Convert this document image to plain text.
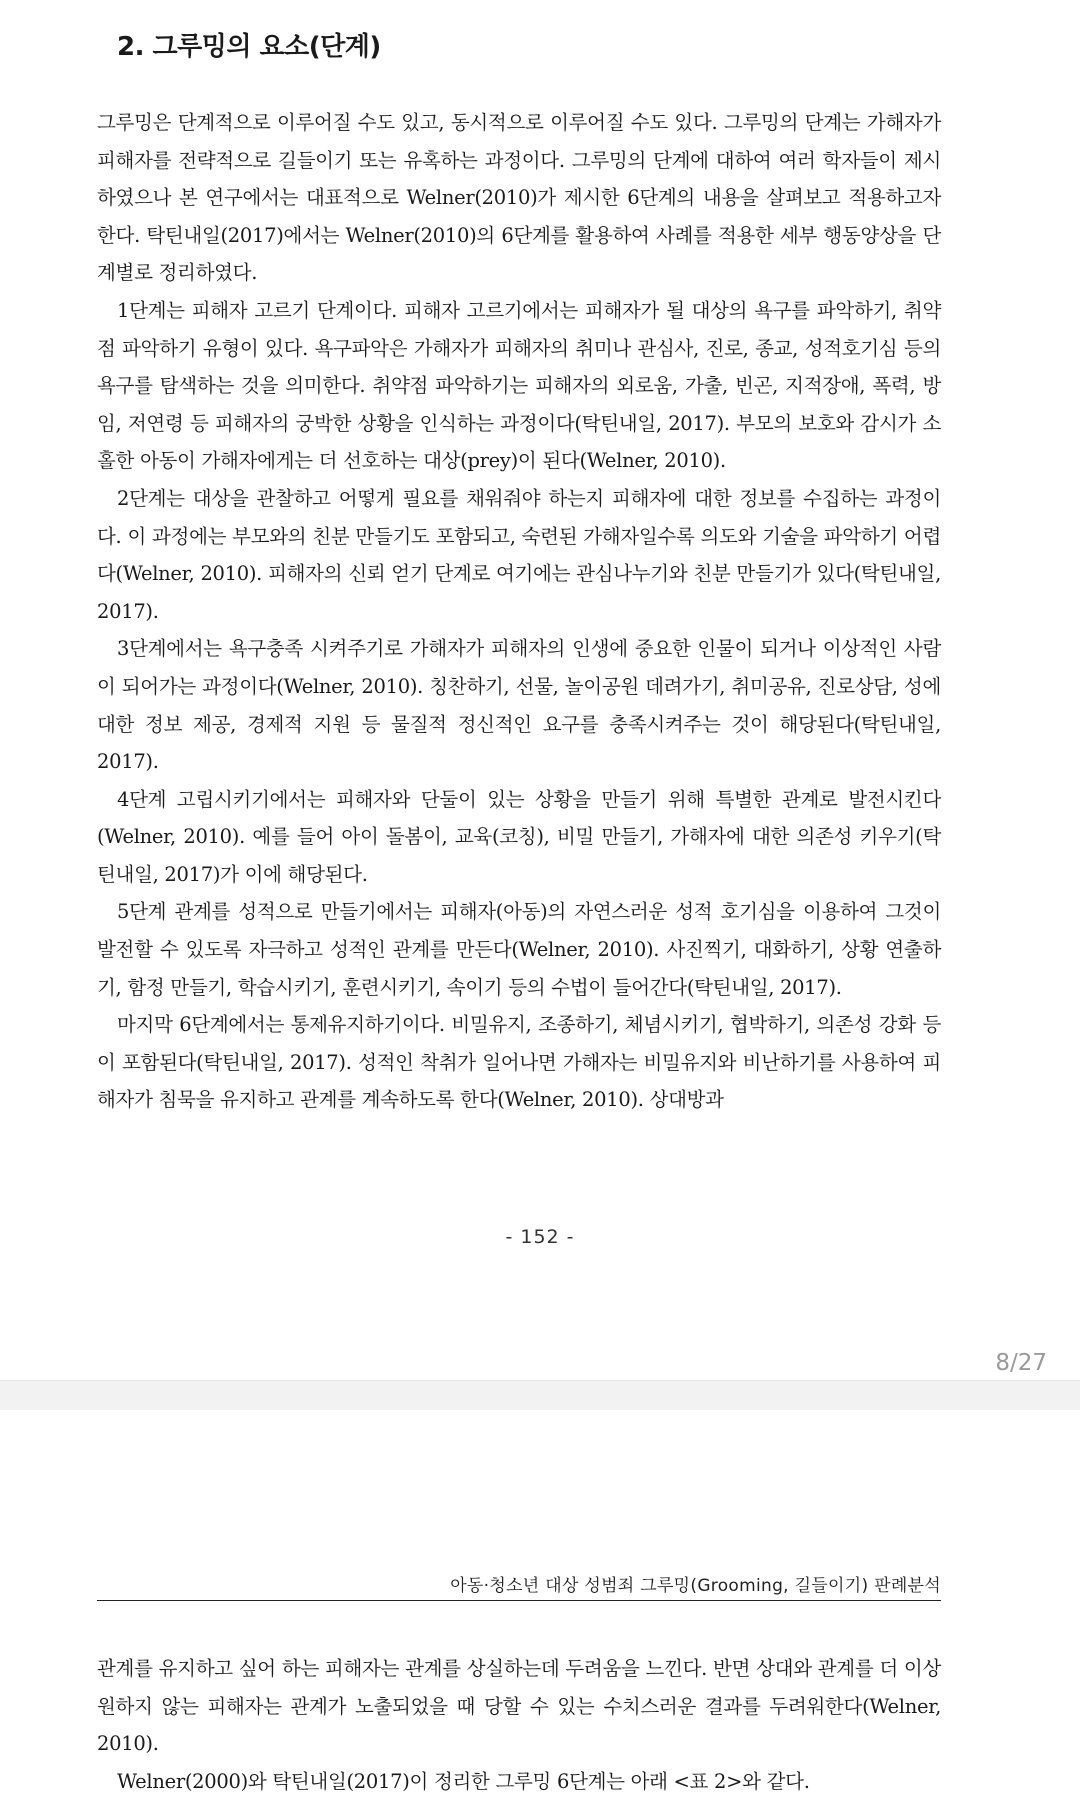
2. 그루밍의 요소(단계)

그루밍은 단계적으로 이루어질 수도 있고, 동시적으로 이루어질 수도 있다. 그루밍의 단계는 가해자가 피해자를 전략적으로 길들이기 또는 유혹하는 과정이다. 그루밍의 단계에 대하여 여러 학자들이 제시하였으나 본 연구에서는 대표적으로 Welner(2010)가 제시한 6단계의 내용을 살펴보고 적용하고자 한다. 탁틴내일(2017)에서는 Welner(2010)의 6단계를 활용하여 사례를 적용한 세부 행동양상을 단계별로 정리하였다.

1단계는 피해자 고르기 단계이다. 피해자 고르기에서는 피해자가 될 대상의 욕구를 파악하기, 취약점 파악하기 유형이 있다. 욕구파악은 가해자가 피해자의 취미나 관심사, 진로, 종교, 성적호기심 등의 욕구를 탐색하는 것을 의미한다. 취약점 파악하기는 피해자의 외로움, 가출, 빈곤, 지적장애, 폭력, 방임, 저연령 등 피해자의 궁박한 상황을 인식하는 과정이다(탁틴내일, 2017). 부모의 보호와 감시가 소홀한 아동이 가해자에게는 더 선호하는 대상(prey)이 된다(Welner, 2010).

2단계는 대상을 관찰하고 어떻게 필요를 채워줘야 하는지 피해자에 대한 정보를 수집하는 과정이다. 이 과정에는 부모와의 친분 만들기도 포함되고, 숙련된 가해자일수록 의도와 기술을 파악하기 어렵다(Welner, 2010). 피해자의 신뢰 얻기 단계로 여기에는 관심나누기와 친분 만들기가 있다(탁틴내일, 2017).

3단계에서는 욕구충족 시켜주기로 가해자가 피해자의 인생에 중요한 인물이 되거나 이상적인 사람이 되어가는 과정이다(Welner, 2010). 칭찬하기, 선물, 놀이공원 데려가기, 취미공유, 진로상담, 성에대한 정보 제공, 경제적 지원 등 물질적 정신적인 요구를 충족시켜주는 것이 해당된다(탁틴내일, 2017).

4단계 고립시키기에서는 피해자와 단둘이 있는 상황을 만들기 위해 특별한 관계로 발전시킨다(Welner, 2010). 예를 들어 아이 돌봄이, 교육(코칭), 비밀 만들기, 가해자에 대한 의존성 키우기(탁틴내일, 2017)가 이에 해당된다.

5단계 관계를 성적으로 만들기에서는 피해자(아동)의 자연스러운 성적 호기심을 이용하여 그것이 발전할 수 있도록 자극하고 성적인 관계를 만든다(Welner, 2010). 사진찍기, 대화하기, 상황 연출하기, 함정 만들기, 학습시키기, 훈련시키기, 속이기 등의 수법이 들어간다(탁틴내일, 2017).

마지막 6단계에서는 통제유지하기이다. 비밀유지, 조종하기, 체념시키기, 협박하기, 의존성 강화 등이 포함된다(탁틴내일, 2017). 성적인 착취가 일어나면 가해자는 비밀유지와 비난하기를 사용하여 피해자가 침묵을 유지하고 관계를 계속하도록 한다(Welner, 2010). 상대방과

- 152 -
8/27
아동·청소년 대상 성범죄 그루밍(Grooming, 길들이기) 판례분석

관계를 유지하고 싶어 하는 피해자는 관계를 상실하는데 두려움을 느낀다. 반면 상대와 관계를 더 이상 원하지 않는 피해자는 관계가 노출되었을 때 당할 수 있는 수치스러운 결과를 두려워한다(Welner, 2010).

Welner(2000)와 탁틴내일(2017)이 정리한 그루밍 6단계는 아래 <표 2>와 같다.
